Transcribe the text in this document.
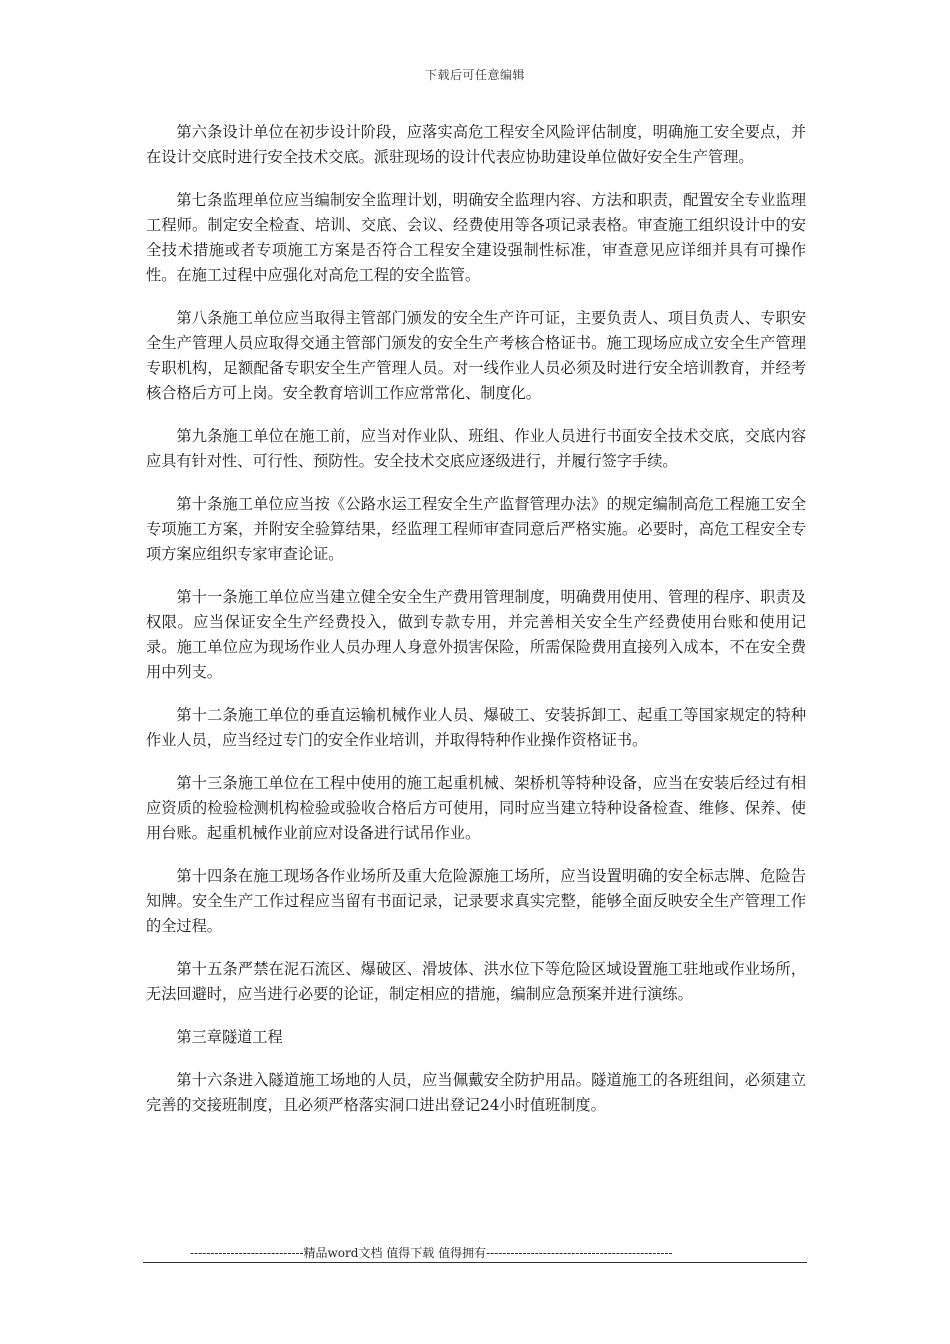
下载后可任意编辑

第六条设计单位在初步设计阶段，应落实高危工程安全风险评估制度，明确施工安全要点，并在设计交底时进行安全技术交底。派驻现场的设计代表应协助建设单位做好安全生产管理。

第七条监理单位应当编制安全监理计划，明确安全监理内容、方法和职责，配置安全专业监理工程师。制定安全检查、培训、交底、会议、经费使用等各项记录表格。审查施工组织设计中的安全技术措施或者专项施工方案是否符合工程安全建设强制性标准，审查意见应详细并具有可操作性。在施工过程中应强化对高危工程的安全监管。

第八条施工单位应当取得主管部门颁发的安全生产许可证，主要负责人、项目负责人、专职安全生产管理人员应取得交通主管部门颁发的安全生产考核合格证书。施工现场应成立安全生产管理专职机构，足额配备专职安全生产管理人员。对一线作业人员必须及时进行安全培训教育，并经考核合格后方可上岗。安全教育培训工作应常常化、制度化。

第九条施工单位在施工前，应当对作业队、班组、作业人员进行书面安全技术交底，交底内容应具有针对性、可行性、预防性。安全技术交底应逐级进行，并履行签字手续。

第十条施工单位应当按《公路水运工程安全生产监督管理办法》的规定编制高危工程施工安全专项施工方案，并附安全验算结果，经监理工程师审查同意后严格实施。必要时，高危工程安全专项方案应组织专家审查论证。

第十一条施工单位应当建立健全安全生产费用管理制度，明确费用使用、管理的程序、职责及权限。应当保证安全生产经费投入，做到专款专用，并完善相关安全生产经费使用台账和使用记录。施工单位应为现场作业人员办理人身意外损害保险，所需保险费用直接列入成本，不在安全费用中列支。

第十二条施工单位的垂直运输机械作业人员、爆破工、安装拆卸工、起重工等国家规定的特种作业人员，应当经过专门的安全作业培训，并取得特种作业操作资格证书。

第十三条施工单位在工程中使用的施工起重机械、架桥机等特种设备，应当在安装后经过有相应资质的检验检测机构检验或验收合格后方可使用，同时应当建立特种设备检查、维修、保养、使用台账。起重机械作业前应对设备进行试吊作业。

第十四条在施工现场各作业场所及重大危险源施工场所，应当设置明确的安全标志牌、危险告知牌。安全生产工作过程应当留有书面记录，记录要求真实完整，能够全面反映安全生产管理工作的全过程。

第十五条严禁在泥石流区、爆破区、滑坡体、洪水位下等危险区域设置施工驻地或作业场所，无法回避时，应当进行必要的论证，制定相应的措施，编制应急预案并进行演练。

第三章隧道工程

第十六条进入隧道施工场地的人员，应当佩戴安全防护用品。隧道施工的各班组间，必须建立完善的交接班制度，且必须严格落实洞口进出登记24小时值班制度。

----------------------------精品word文档 值得下载 值得拥有----------------------------------------------
